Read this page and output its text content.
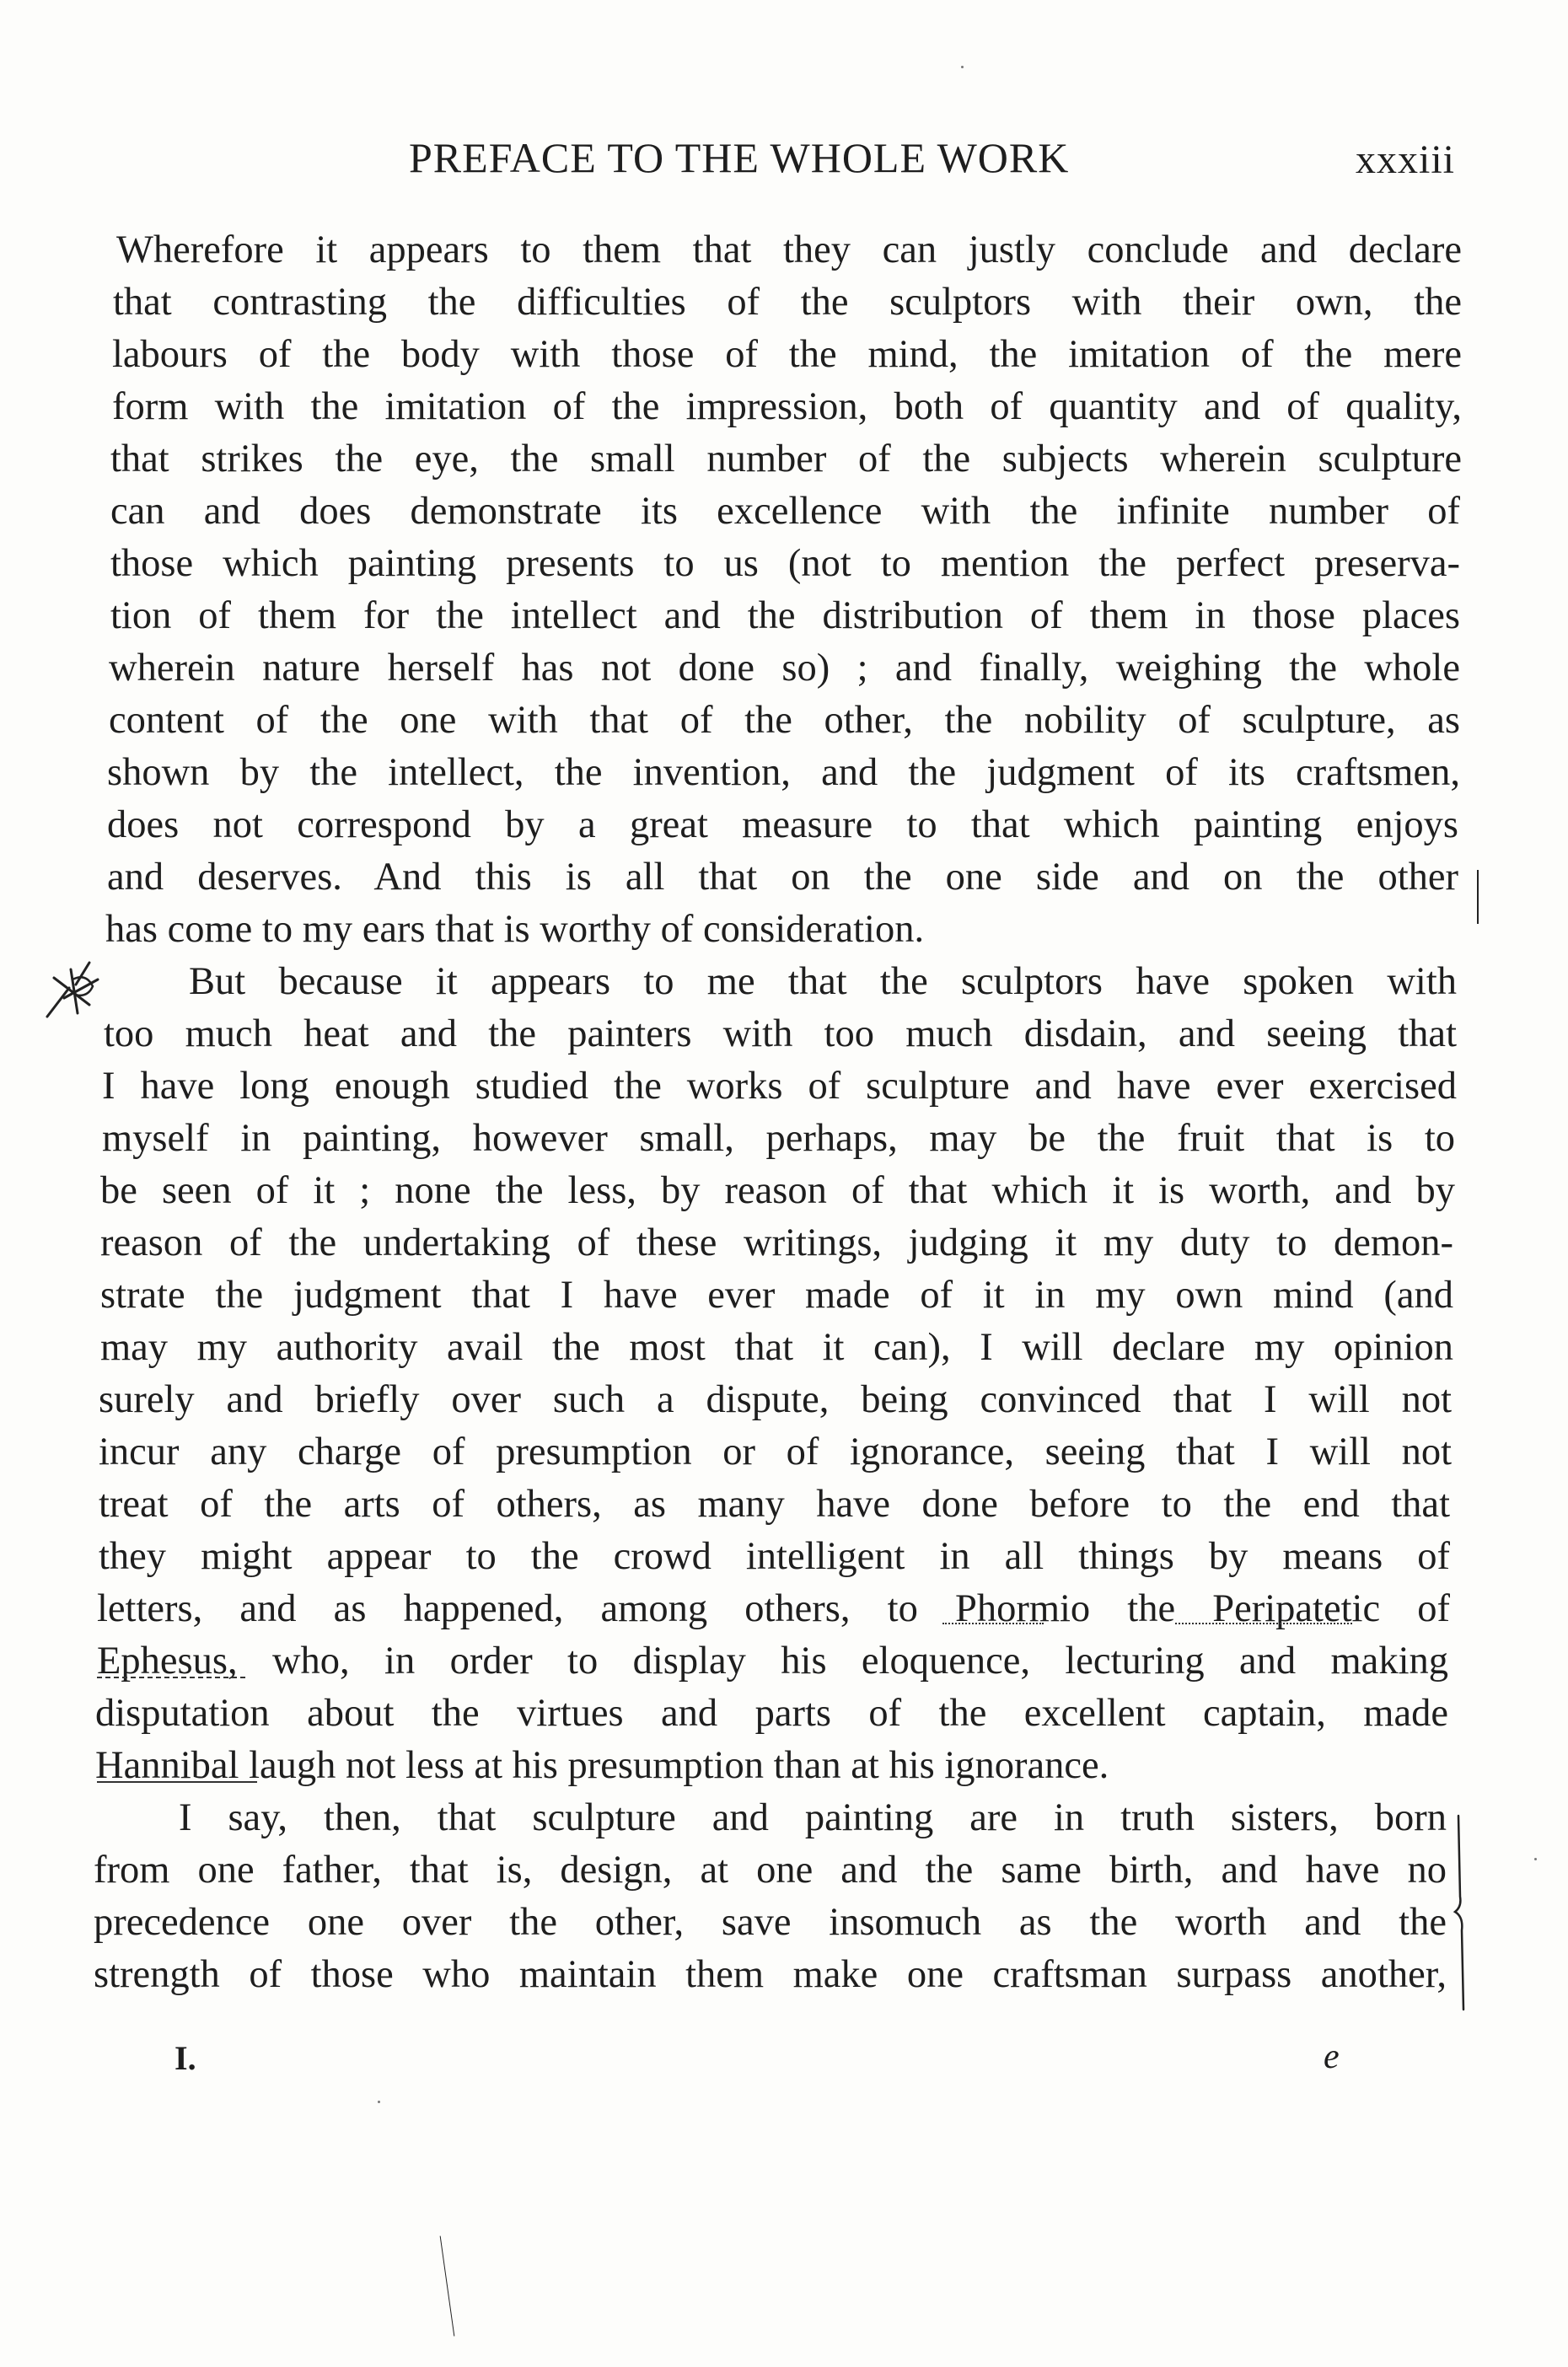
PREFACE TO THE WHOLE WORK	xxxiii
Wherefore it appears to them that they can justly conclude and declare
that contrasting the difficulties of the sculptors with their own, the
labours of the body with those of the mind, the imitation of the mere
form with the imitation of the impression, both of quantity and of quality,
that strikes the eye, the small number of the subjects wherein sculpture
can and does demonstrate its excellence with the infinite number of
those which painting presents to us (not to mention the perfect preserva-
tion of them for the intellect and the distribution of them in those places
wherein nature herself has not done so) ; and finally, weighing the whole
content of the one with that of the other, the nobility of sculpture, as
shown by the intellect, the invention, and the judgment of its craftsmen,
does not correspond by a great measure to that which painting enjoys
and deserves. And this is all that on the one side and on the other
has come to my ears that is worthy of consideration.
But because it appears to me that the sculptors have spoken with
too much heat and the painters with too much disdain, and seeing that
I have long enough studied the works of sculpture and have ever exercised
myself in painting, however small, perhaps, may be the fruit that is to
be seen of it ; none the less, by reason of that which it is worth, and by
reason of the undertaking of these writings, judging it my duty to demon-
strate the judgment that I have ever made of it in my own mind (and
may my authority avail the most that it can), I will declare my opinion
surely and briefly over such a dispute, being convinced that I will not
incur any charge of presumption or of ignorance, seeing that I will not
treat of the arts of others, as many have done before to the end that
they might appear to the crowd intelligent in all things by means of
letters, and as happened, among others, to Phormio the Peripatetic of
Ephesus, who, in order to display his eloquence, lecturing and making
disputation about the virtues and parts of the excellent captain, made
Hannibal laugh not less at his presumption than at his ignorance.
I say, then, that sculpture and painting are in truth sisters, born
from one father, that is, design, at one and the same birth, and have no
precedence one over the other, save insomuch as the worth and the
strength of those who maintain them make one craftsman surpass another,
I.	e
